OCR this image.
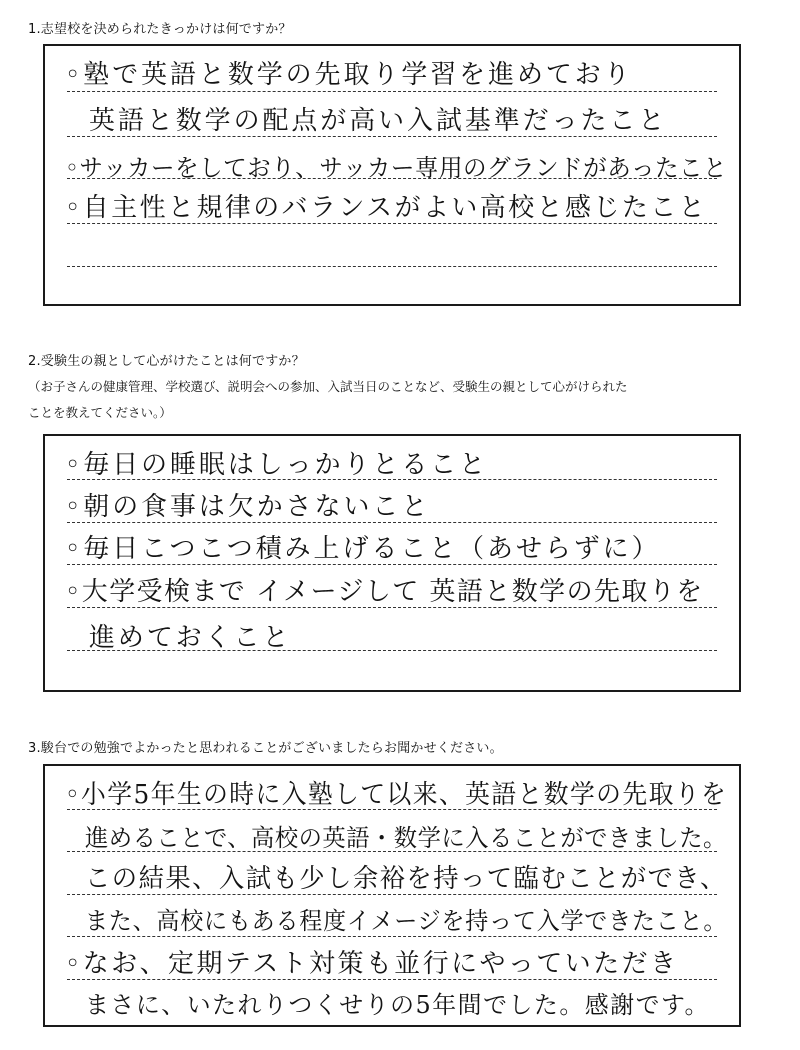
1.志望校を決められたきっかけは何ですか？
◦塾で英語と数学の先取り学習を進めており
英語と数学の配点が高い入試基準だったこと
◦サッカーをしており、サッカー専用のグランドがあったこと
◦自主性と規律のバランスがよい高校と感じたこと
2.受験生の親として心がけたことは何ですか？
（お子さんの健康管理、学校選び、説明会への参加、入試当日のことなど、受験生の親として心がけられた
ことを教えてください。）
◦毎日の睡眠はしっかりとること
◦朝の食事は欠かさないこと
◦毎日こつこつ積み上げること（あせらずに）
◦大学受検まで イメージして 英語と数学の先取りを
進めておくこと
3.駿台での勉強でよかったと思われることがございましたらお聞かせください。
◦小学5年生の時に入塾して以来、英語と数学の先取りを
進めることで、高校の英語・数学に入ることができました。
この結果、入試も少し余裕を持って臨むことができ、
また、高校にもある程度イメージを持って入学できたこと。
◦なお、定期テスト対策も並行にやっていただき
まさに、いたれりつくせりの5年間でした。感謝です。
